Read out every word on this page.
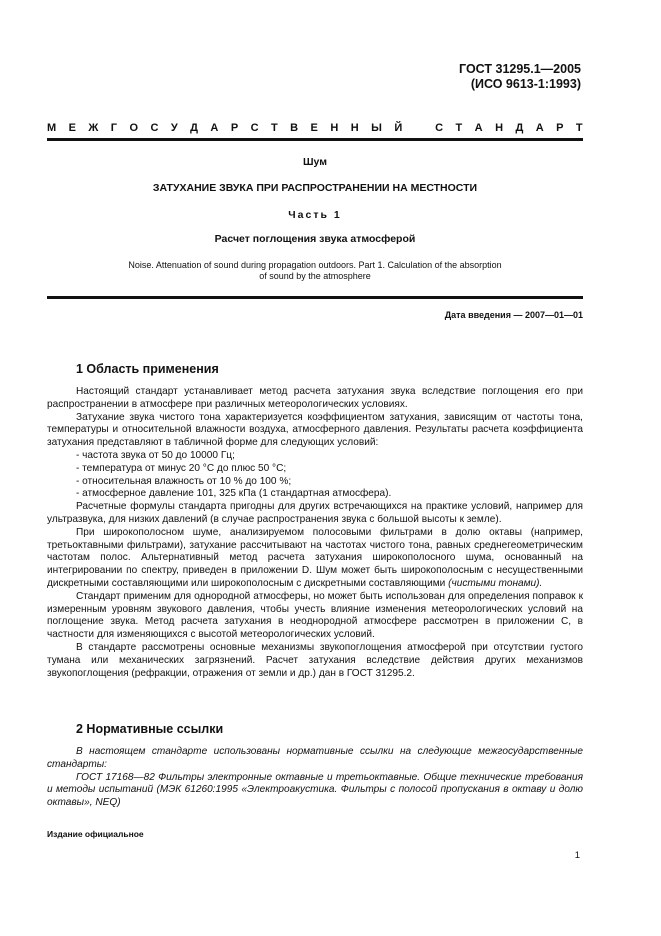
ГОСТ 31295.1—2005
(ИСО 9613-1:1993)
М Е Ж Г О С У Д А Р С Т В Е Н Н Ы Й	С Т А Н Д А Р Т
Шум
ЗАТУХАНИЕ ЗВУКА ПРИ РАСПРОСТРАНЕНИИ НА МЕСТНОСТИ
Часть 1
Расчет поглощения звука атмосферой
Noise. Attenuation of sound during propagation outdoors. Part 1. Calculation of the absorption
of sound by the atmosphere
Дата введения — 2007—01—01
1 Область применения

Настоящий стандарт устанавливает метод расчета затухания звука вследствие поглощения его при распространении в атмосфере при различных метеорологических условиях.

Затухание звука чистого тона характеризуется коэффициентом затухания, зависящим от частоты тона, температуры и относительной влажности воздуха, атмосферного давления. Результаты расчета коэффициента затухания представляют в табличной форме для следующих условий:

- частота звука от 50 до 10000 Гц;

- температура от минус 20 °С до плюс 50 °С;

- относительная влажность от 10 % до 100 %;

- атмосферное давление 101, 325 кПа (1 стандартная атмосфера).

Расчетные формулы стандарта пригодны для других встречающихся на практике условий, например для ультразвука, для низких давлений (в случае распространения звука с большой высоты к земле).

При широкополосном шуме, анализируемом полосовыми фильтрами в долю октавы (например, третьоктавными фильтрами), затухание рассчитывают на частотах чистого тона, равных среднегеометрическим частотам полос. Альтернативный метод расчета затухания широкополосного шума, основанный на интегрировании по спектру, приведен в приложении D. Шум может быть широкополосным с несущественными дискретными составляющими или широкополосным с дискретными составляющими (чистыми тонами).

Стандарт применим для однородной атмосферы, но может быть использован для определения поправок к измеренным уровням звукового давления, чтобы учесть влияние изменения метеорологических условий на поглощение звука. Метод расчета затухания в неоднородной атмосфере рассмотрен в приложении С, в частности для изменяющихся с высотой метеорологических условий.

В стандарте рассмотрены основные механизмы звукопоглощения атмосферой при отсутствии густого тумана или механических загрязнений. Расчет затухания вследствие действия других механизмов звукопоглощения (рефракции, отражения от земли и др.) дан в ГОСТ 31295.2.

2 Нормативные ссылки

В настоящем стандарте использованы нормативные ссылки на следующие межгосударственные стандарты:

ГОСТ 17168—82 Фильтры электронные октавные и третьоктавные. Общие технические требования и методы испытаний (МЭК 61260:1995 «Электроакустика. Фильтры с полосой пропускания в октаву и долю октавы», NEQ)

Издание официальное
1
